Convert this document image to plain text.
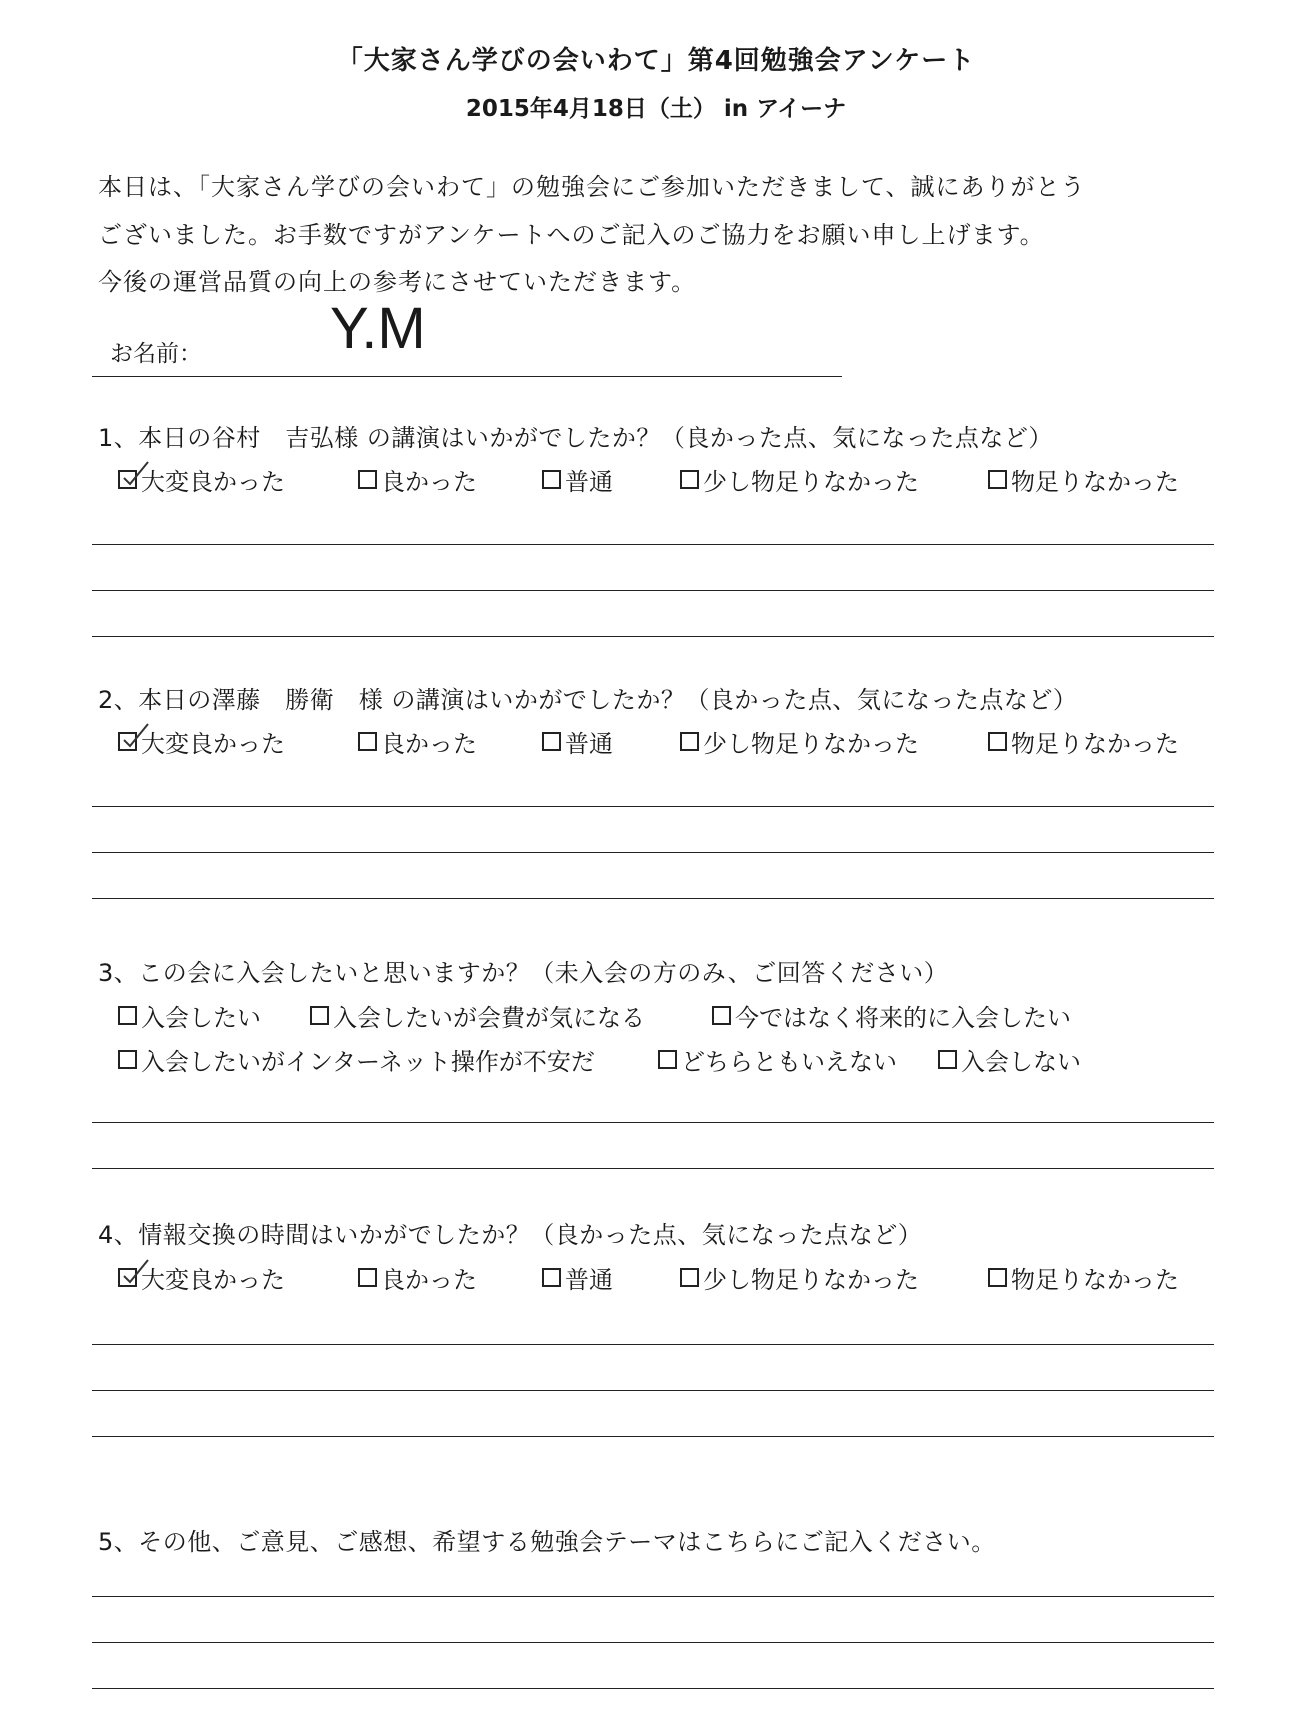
「大家さん学びの会いわて」第4回勉強会アンケート
2015年4月18日（土） in アイーナ
本日は、「大家さん学びの会いわて」の勉強会にご参加いただきまして、誠にありがとう
ございました。お手数ですがアンケートへのご記入のご協力をお願い申し上げます。
今後の運営品質の向上の参考にさせていただきます。
お名前： Y.M
1、本日の谷村　吉弘様 の講演はいかがでしたか？（良かった点、気になった点など）
大変良かった	良かった	普通	少し物足りなかった	物足りなかった
2、本日の澤藤　勝衛　様 の講演はいかがでしたか？（良かった点、気になった点など）
大変良かった	良かった	普通	少し物足りなかった	物足りなかった
3、この会に入会したいと思いますか？（未入会の方のみ、ご回答ください）
入会したい	入会したいが会費が気になる	今ではなく将来的に入会したい
入会したいがインターネット操作が不安だ	どちらともいえない	入会しない
4、情報交換の時間はいかがでしたか？（良かった点、気になった点など）
大変良かった	良かった	普通	少し物足りなかった	物足りなかった
5、その他、ご意見、ご感想、希望する勉強会テーマはこちらにご記入ください。
